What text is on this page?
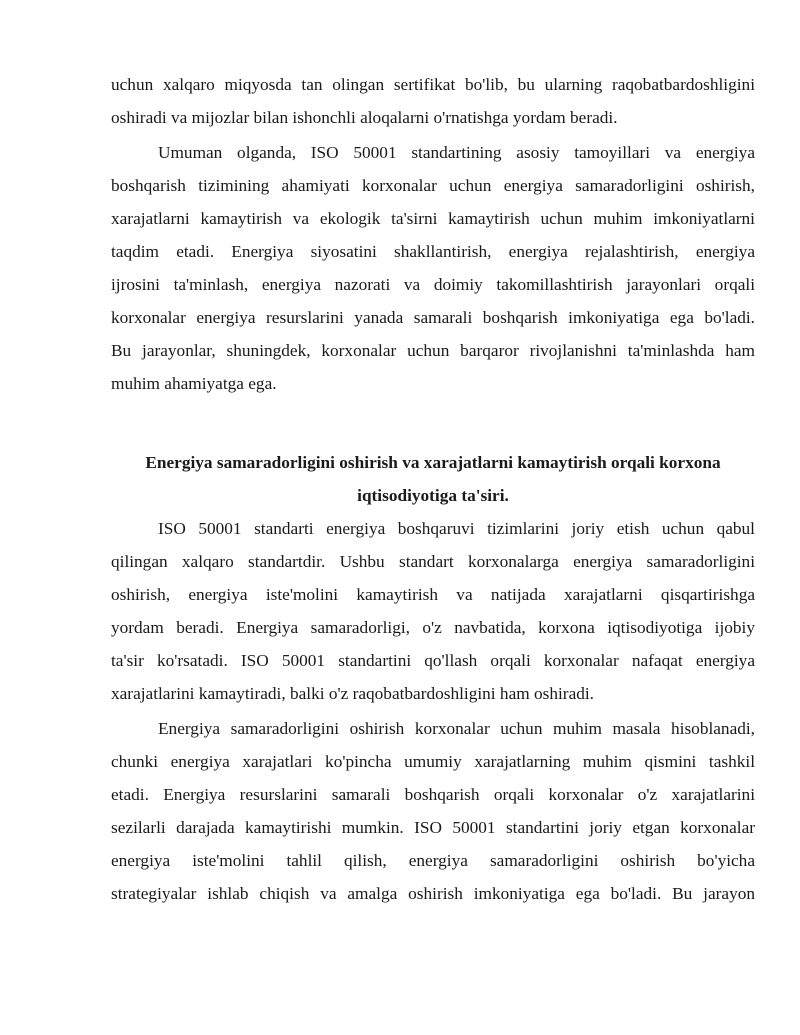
uchun xalqaro miqyosda tan olingan sertifikat bo'lib, bu ularning raqobatbardoshligini
oshiradi va mijozlar bilan ishonchli aloqalarni o'rnatishga yordam beradi.

Umuman olganda, ISO 50001 standartining asosiy tamoyillari va energiya
boshqarish tizimining ahamiyati korxonalar uchun energiya samaradorligini oshirish,
xarajatlarni kamaytirish va ekologik ta'sirni kamaytirish uchun muhim imkoniyatlarni
taqdim etadi. Energiya siyosatini shakllantirish, energiya rejalashtirish, energiya
ijrosini ta'minlash, energiya nazorati va doimiy takomillashtirish jarayonlari orqali
korxonalar energiya resurslarini yanada samarali boshqarish imkoniyatiga ega bo'ladi.
Bu jarayonlar, shuningdek, korxonalar uchun barqaror rivojlanishni ta'minlashda ham
muhim ahamiyatga ega.

Energiya samaradorligini oshirish va xarajatlarni kamaytirish orqali korxona
iqtisodiyotiga ta'siri.

ISO 50001 standarti energiya boshqaruvi tizimlarini joriy etish uchun qabul
qilingan xalqaro standartdir. Ushbu standart korxonalarga energiya samaradorligini
oshirish, energiya iste'molini kamaytirish va natijada xarajatlarni qisqartirishga
yordam beradi. Energiya samaradorligi, o'z navbatida, korxona iqtisodiyotiga ijobiy
ta'sir ko'rsatadi. ISO 50001 standartini qo'llash orqali korxonalar nafaqat energiya
xarajatlarini kamaytiradi, balki o'z raqobatbardoshligini ham oshiradi.

Energiya samaradorligini oshirish korxonalar uchun muhim masala hisoblanadi,
chunki energiya xarajatlari ko'pincha umumiy xarajatlarning muhim qismini tashkil
etadi. Energiya resurslarini samarali boshqarish orqali korxonalar o'z xarajatlarini
sezilarli darajada kamaytirishi mumkin. ISO 50001 standartini joriy etgan korxonalar
energiya iste'molini tahlil qilish, energiya samaradorligini oshirish bo'yicha
strategiyalar ishlab chiqish va amalga oshirish imkoniyatiga ega bo'ladi. Bu jarayon
